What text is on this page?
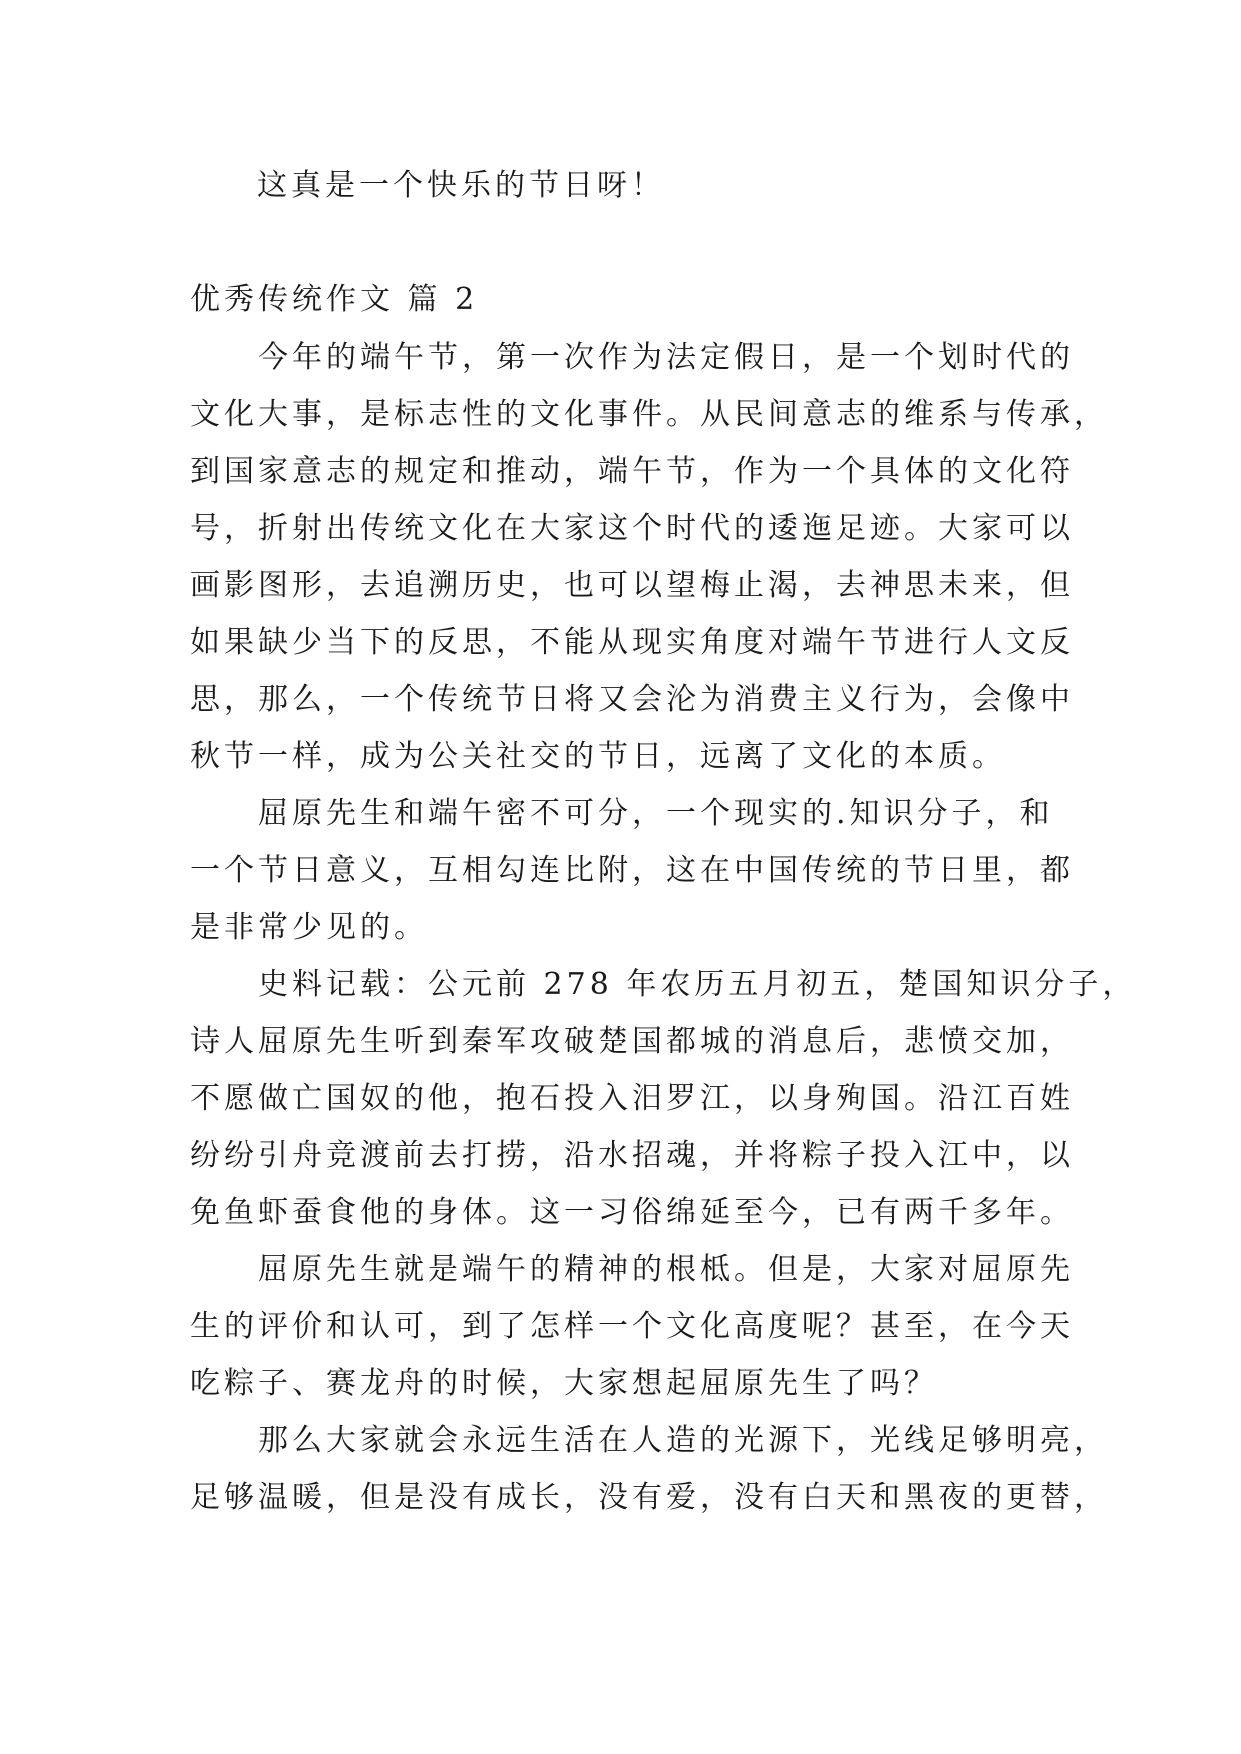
这真是一个快乐的节日呀！
优秀传统作文 篇 2
今年的端午节，第一次作为法定假日，是一个划时代的
文化大事，是标志性的文化事件。从民间意志的维系与传承，
到国家意志的规定和推动，端午节，作为一个具体的文化符
号，折射出传统文化在大家这个时代的逶迤足迹。大家可以
画影图形，去追溯历史，也可以望梅止渴，去神思未来，但
如果缺少当下的反思，不能从现实角度对端午节进行人文反
思，那么，一个传统节日将又会沦为消费主义行为，会像中
秋节一样，成为公关社交的节日，远离了文化的本质。
屈原先生和端午密不可分，一个现实的.知识分子，和
一个节日意义，互相勾连比附，这在中国传统的节日里，都
是非常少见的。
史料记载：公元前 278 年农历五月初五，楚国知识分子，
诗人屈原先生听到秦军攻破楚国都城的消息后，悲愤交加，
不愿做亡国奴的他，抱石投入汨罗江，以身殉国。沿江百姓
纷纷引舟竞渡前去打捞，沿水招魂，并将粽子投入江中，以
免鱼虾蚕食他的身体。这一习俗绵延至今，已有两千多年。
屈原先生就是端午的精神的根柢。但是，大家对屈原先
生的评价和认可，到了怎样一个文化高度呢？甚至，在今天
吃粽子、赛龙舟的时候，大家想起屈原先生了吗？
那么大家就会永远生活在人造的光源下，光线足够明亮，
足够温暖，但是没有成长，没有爱，没有白天和黑夜的更替，
